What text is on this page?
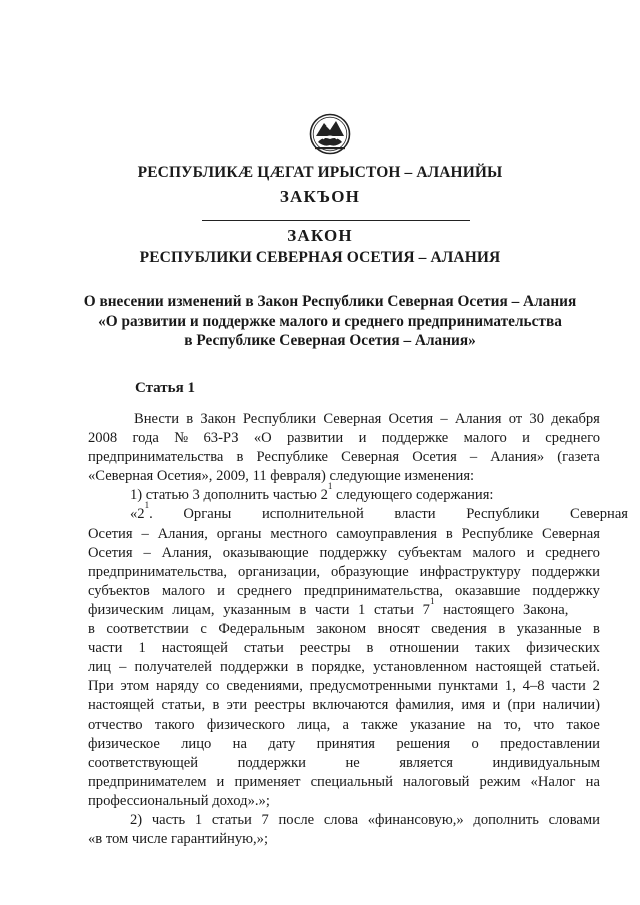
РЕСПУБЛИКӔ ЦӔГАТ ИРЫСТОН – АЛАНИЙЫ
ЗАКЪОН
ЗАКОН
РЕСПУБЛИКИ СЕВЕРНАЯ ОСЕТИЯ – АЛАНИЯ
О внесении изменений в Закон Республики Северная Осетия – Алания
«О развитии и поддержке малого и среднего предпринимательства
в Республике Северная Осетия – Алания»
Статья 1
Внести в Закон Республики Северная Осетия – Алания от 30 декабря
2008 года № 63-РЗ «О развитии и поддержке малого и среднего
предпринимательства в Республике Северная Осетия – Алания» (газета
«Северная Осетия», 2009, 11 февраля) следующие изменения:
1) статью 3 дополнить частью 2
1
следующего содержания:
«2
1
. Органы исполнительной власти Республики Северная
Осетия – Алания, органы местного самоуправления в Республике Северная
Осетия – Алания, оказывающие поддержку субъектам малого и среднего
предпринимательства, организации, образующие инфраструктуру поддержки
субъектов малого и среднего предпринимательства, оказавшие поддержку
физическим лицам, указанным в части 1 статьи 7
1
настоящего Закона,
в соответствии с Федеральным законом вносят сведения в указанные в
части 1 настоящей статьи реестры в отношении таких физических
лиц – получателей поддержки в порядке, установленном настоящей статьей.
При этом наряду со сведениями, предусмотренными пунктами 1, 4–8 части 2
настоящей статьи, в эти реестры включаются фамилия, имя и (при наличии)
отчество такого физического лица, а также указание на то, что такое
физическое лицо на дату принятия решения о предоставлении
соответствующей	поддержки	не	является	индивидуальным
предпринимателем и применяет специальный налоговый режим «Налог на
профессиональный доход».»;
2) часть 1 статьи 7 после слова «финансовую,» дополнить словами
«в том числе гарантийную,»;
